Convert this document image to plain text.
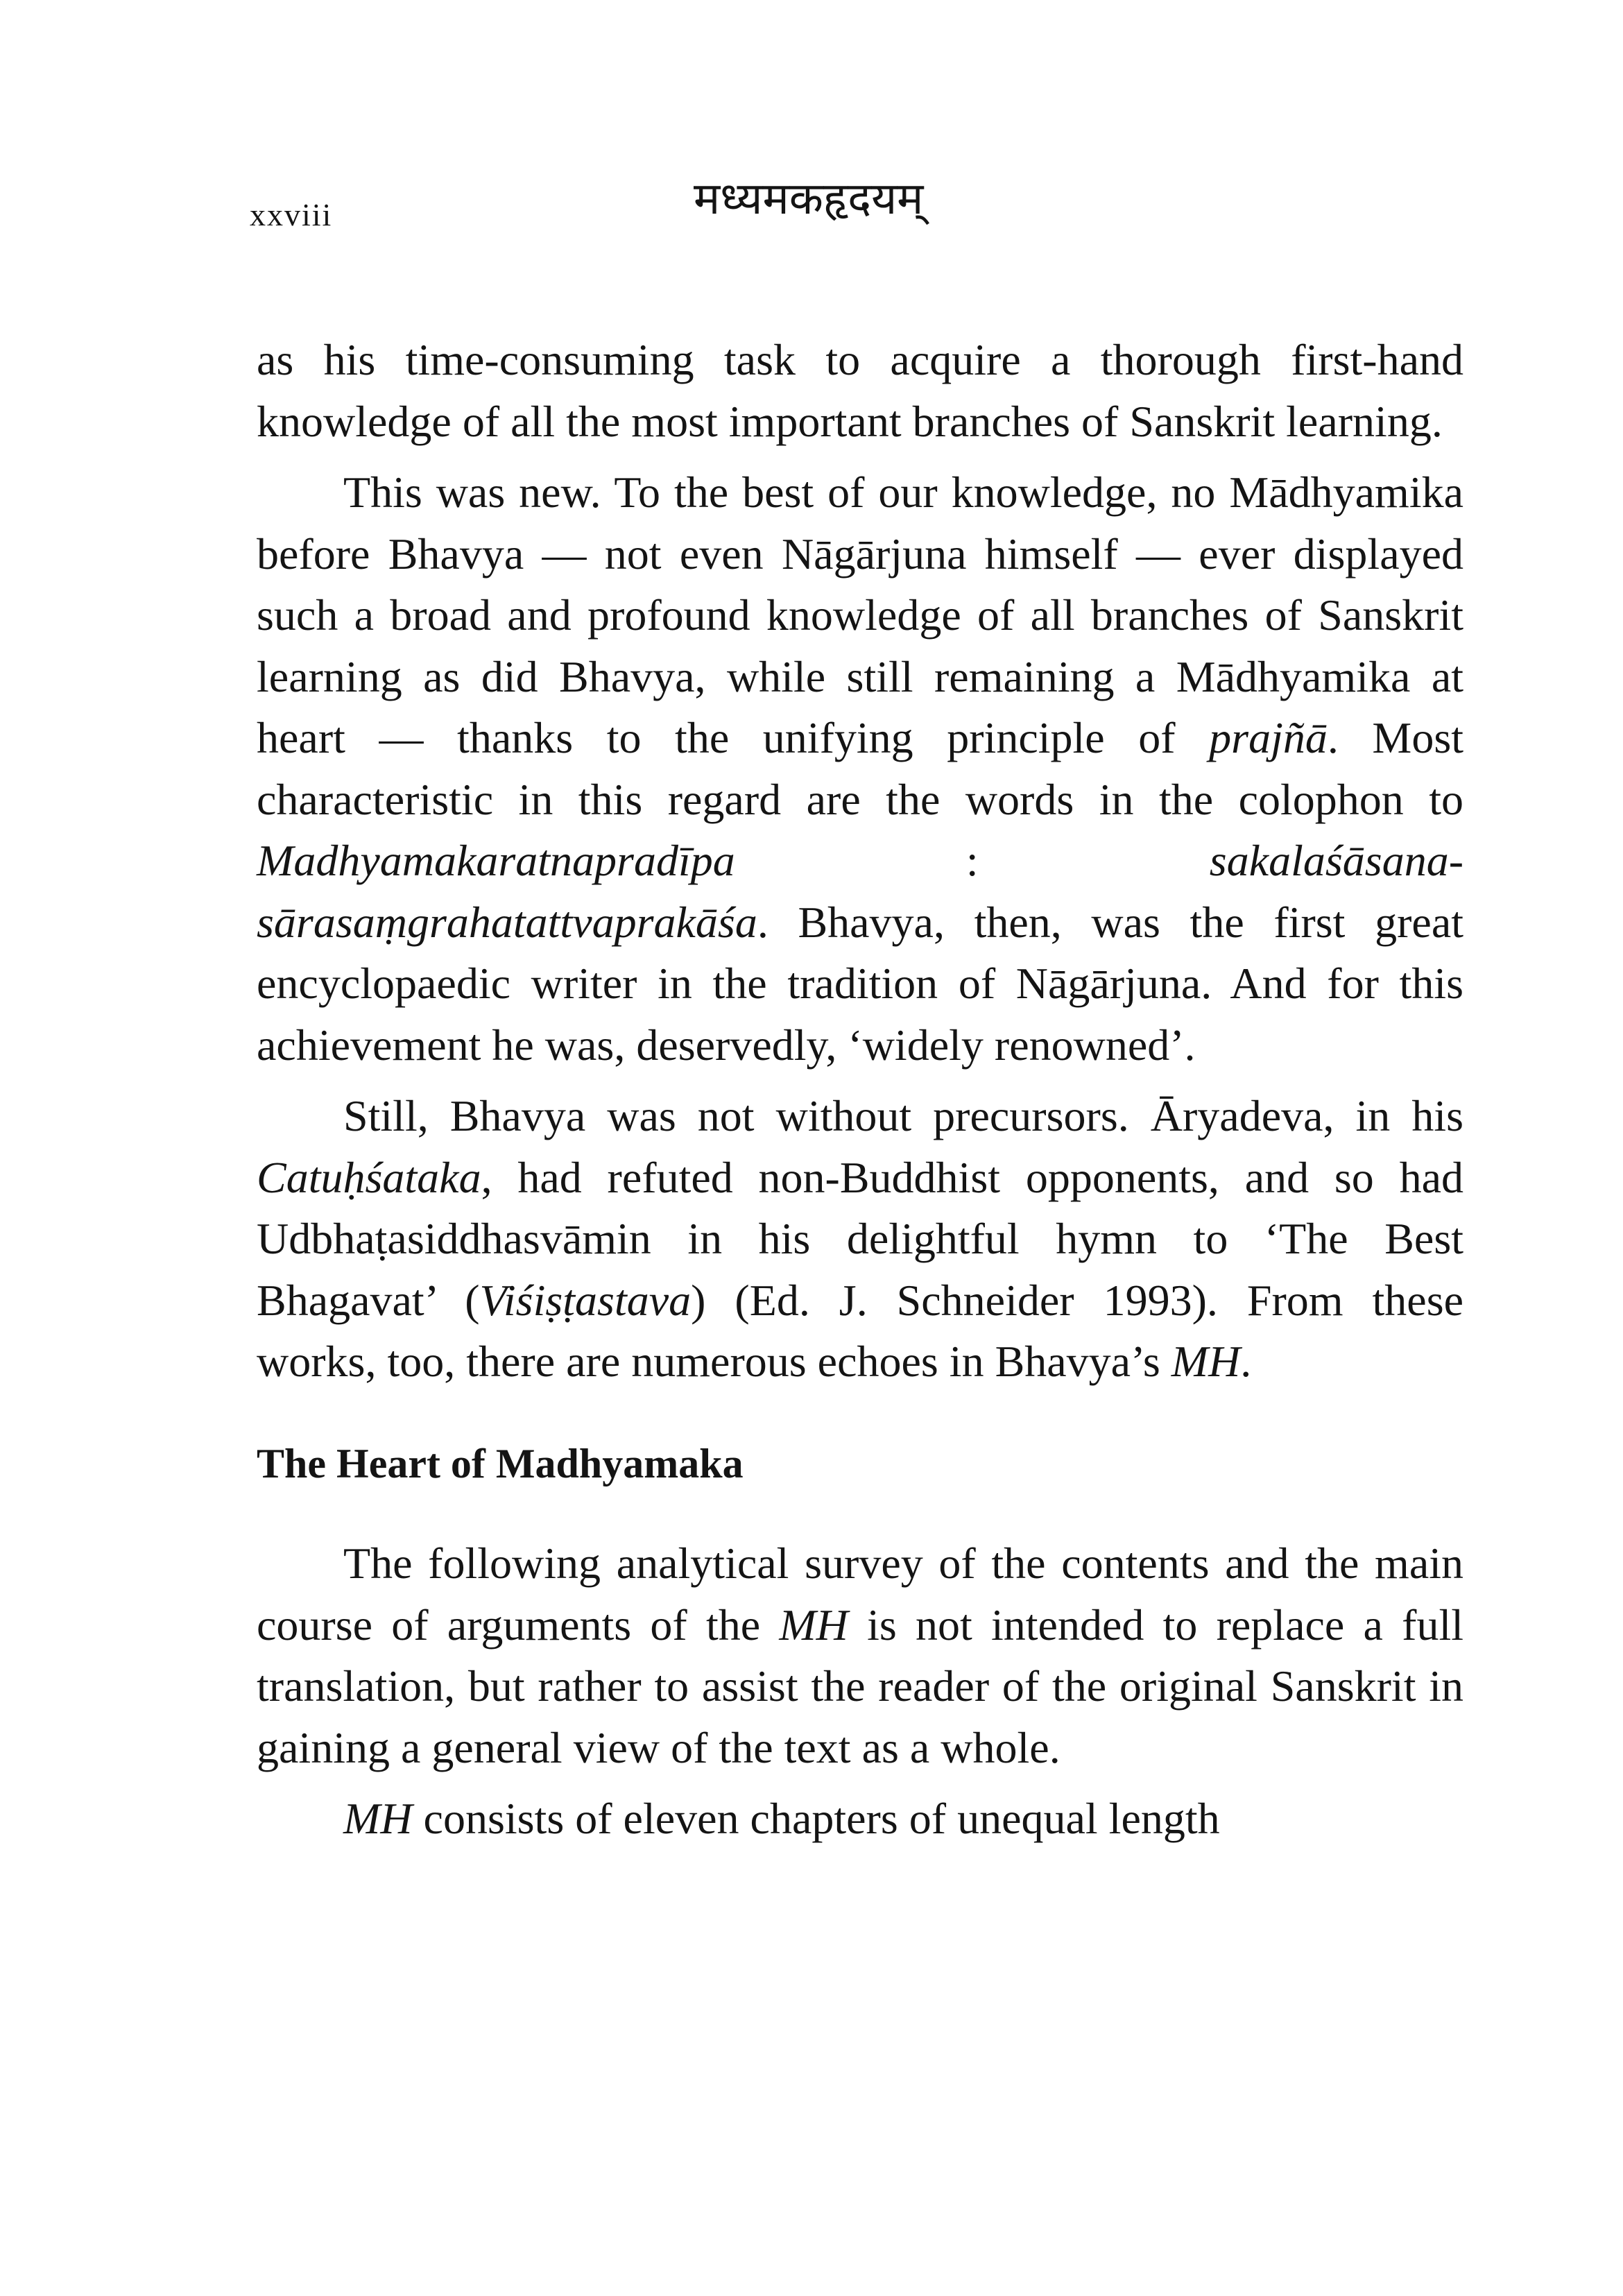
xxviii	मध्यमकहृदयम्

as his time-consuming task to acquire a thorough first-hand knowledge of all the most important branches of Sanskrit learning.

This was new. To the best of our knowledge, no Mādhyamika before Bhavya — not even Nāgārjuna himself — ever displayed such a broad and profound knowledge of all branches of Sanskrit learning as did Bhavya, while still remaining a Mādhyamika at heart — thanks to the unifying principle of prajñā. Most characteristic in this regard are the words in the colophon to Madhyamakaratnapradīpa : sakalaśāsana-sārasaṃgrahatattvaprakāśa. Bhavya, then, was the first great encyclopaedic writer in the tradition of Nāgārjuna. And for this achievement he was, deservedly, ‘widely renowned’.

Still, Bhavya was not without precursors. Āryadeva, in his Catuḥśataka, had refuted non-Buddhist opponents, and so had Udbhaṭasiddhasvāmin in his delightful hymn to ‘The Best Bhagavat’ (Viśiṣṭastava) (Ed. J. Schneider 1993). From these works, too, there are numerous echoes in Bhavya’s MH.

The Heart of Madhyamaka

The following analytical survey of the contents and the main course of arguments of the MH is not intended to replace a full translation, but rather to assist the reader of the original Sanskrit in gaining a general view of the text as a whole.

MH consists of eleven chapters of unequal length
